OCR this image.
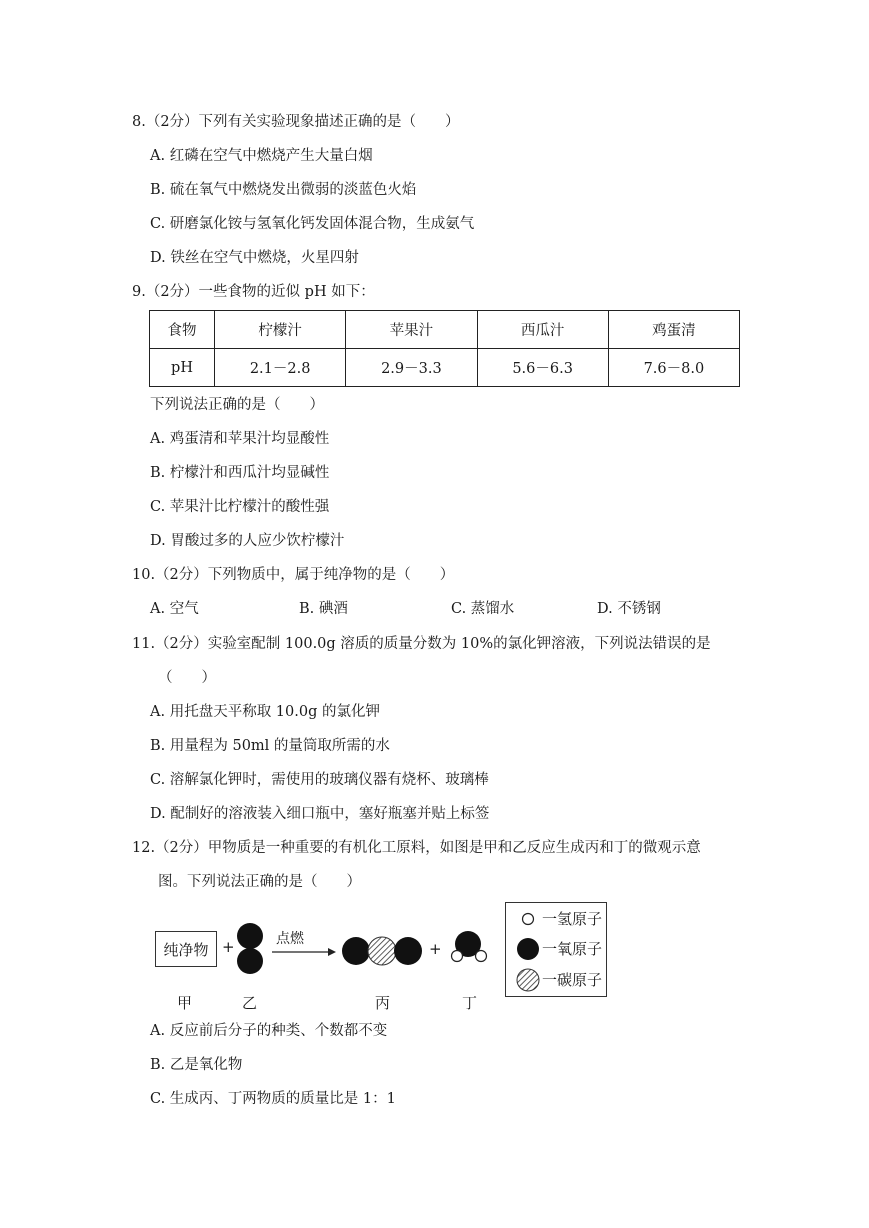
8.（2分）下列有关实验现象描述正确的是（　　）
A. 红磷在空气中燃烧产生大量白烟
B. 硫在氧气中燃烧发出微弱的淡蓝色火焰
C. 研磨氯化铵与氢氧化钙发固体混合物，生成氨气
D. 铁丝在空气中燃烧，火星四射
9.（2分）一些食物的近似 pH 如下：
食物	柠檬汁	苹果汁	西瓜汁	鸡蛋清
pH	2.1－2.8	2.9－3.3	5.6－6.3	7.6－8.0
下列说法正确的是（　　）
A. 鸡蛋清和苹果汁均显酸性
B. 柠檬汁和西瓜汁均显碱性
C. 苹果汁比柠檬汁的酸性强
D. 胃酸过多的人应少饮柠檬汁
10.（2分）下列物质中，属于纯净物的是（　　）
A. 空气	B. 碘酒	C. 蒸馏水	D. 不锈钢
11.（2分）实验室配制 100.0g 溶质的质量分数为 10%的氯化钾溶液，下列说法错误的是
（　　）
A. 用托盘天平称取 10.0g 的氯化钾
B. 用量程为 50ml 的量筒取所需的水
C. 溶解氯化钾时，需使用的玻璃仪器有烧杯、玻璃棒
D. 配制好的溶液装入细口瓶中，塞好瓶塞并贴上标签
12.（2分）甲物质是一种重要的有机化工原料，如图是甲和乙反应生成丙和丁的微观示意
图。下列说法正确的是（　　）
纯净物 +	+
点燃
甲	乙	丙	丁
一氢原子
一氧原子
一碳原子
A. 反应前后分子的种类、个数都不变
B. 乙是氧化物
C. 生成丙、丁两物质的质量比是 1：1
